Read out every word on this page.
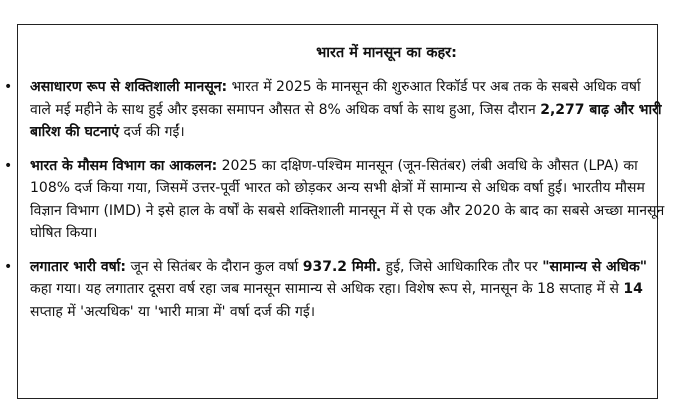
भारत में मानसून का कहर:
• असाधारण रूप से शक्तिशाली मानसून: भारत में 2025 के मानसून की शुरुआत रिकॉर्ड पर अब तक के सबसे अधिक वर्षा वाले मई महीने के साथ हुई और इसका समापन औसत से 8% अधिक वर्षा के साथ हुआ, जिस दौरान 2,277 बाढ़ और भारी बारिश की घटनाएं दर्ज की गईं।
• भारत के मौसम विभाग का आकलन: 2025 का दक्षिण-पश्चिम मानसून (जून-सितंबर) लंबी अवधि के औसत (LPA) का 108% दर्ज किया गया, जिसमें उत्तर-पूर्वी भारत को छोड़कर अन्य सभी क्षेत्रों में सामान्य से अधिक वर्षा हुई। भारतीय मौसम विज्ञान विभाग (IMD) ने इसे हाल के वर्षों के सबसे शक्तिशाली मानसून में से एक और 2020 के बाद का सबसे अच्छा मानसून घोषित किया।
• लगातार भारी वर्षा: जून से सितंबर के दौरान कुल वर्षा 937.2 मिमी. हुई, जिसे आधिकारिक तौर पर "सामान्य से अधिक" कहा गया। यह लगातार दूसरा वर्ष रहा जब मानसून सामान्य से अधिक रहा। विशेष रूप से, मानसून के 18 सप्ताह में से 14 सप्ताह में 'अत्यधिक' या 'भारी मात्रा में' वर्षा दर्ज की गई।
